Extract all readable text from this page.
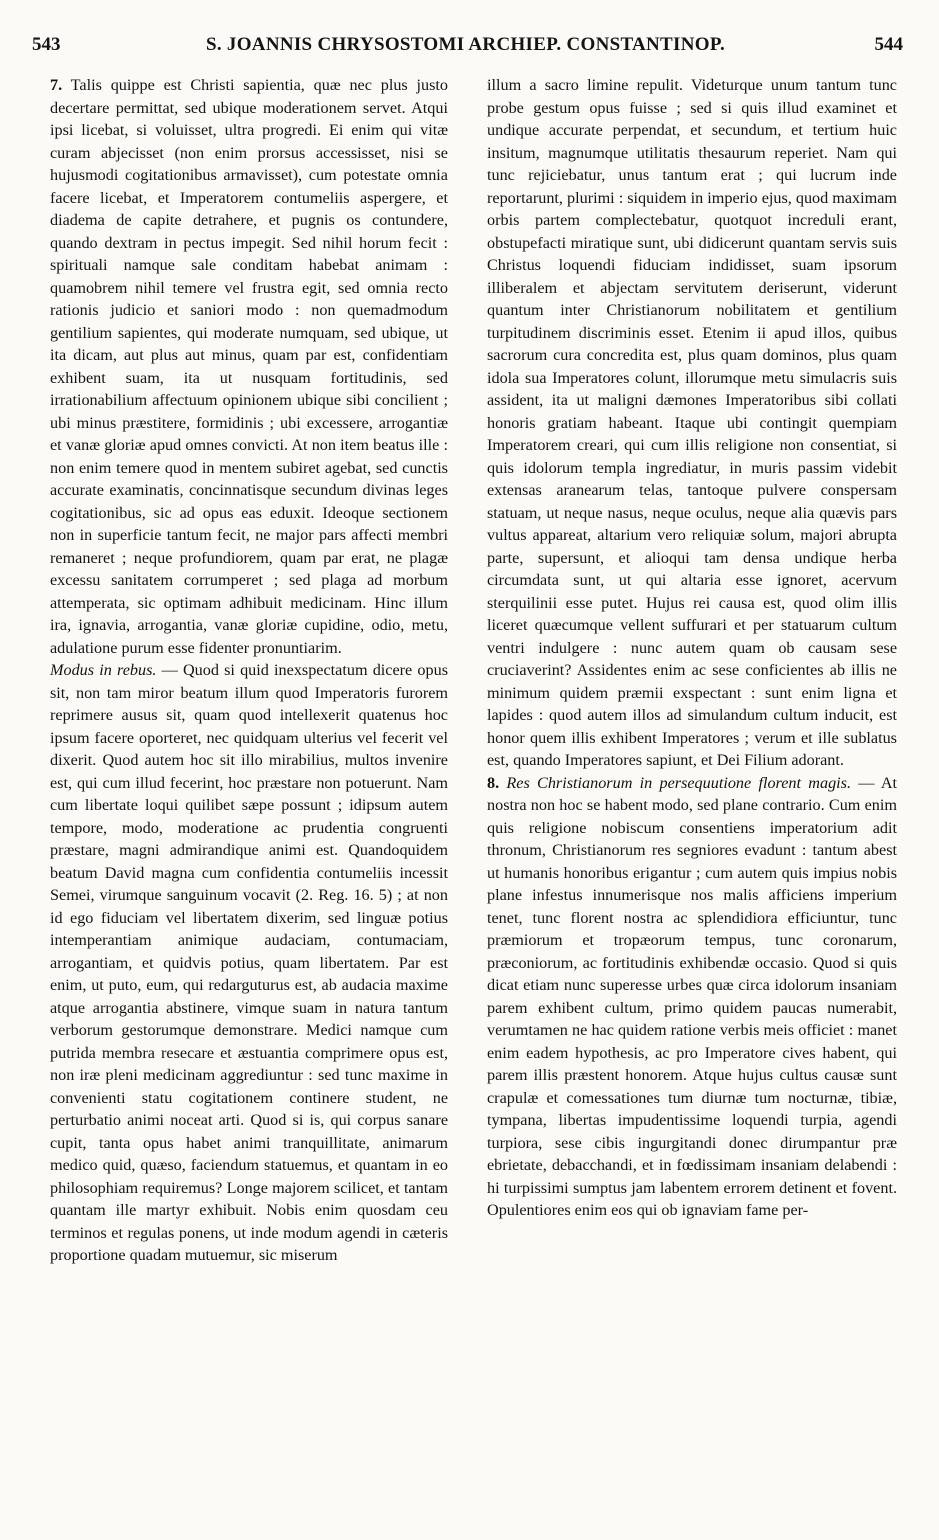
543	S. JOANNIS CHRYSOSTOMI ARCHIEP. CONSTANTINOP.	544

7. Talis quippe est Christi sapientia, quæ nec plus justo decertare permittat, sed ubique moderationem servet. Atqui ipsi licebat, si voluisset, ultra progredi. Ei enim qui vitæ curam abjecisset (non enim prorsus accessisset, nisi se hujusmodi cogitationibus armavisset), cum potestate omnia facere licebat, et Imperatorem contumeliis aspergere, et diadema de capite detrahere, et pugnis os contundere, quando dextram in pectus impegit. Sed nihil horum fecit : spirituali namque sale conditam habebat animam : quamobrem nihil temere vel frustra egit, sed omnia recto rationis judicio et saniori modo : non quemadmodum gentilium sapientes, qui moderate numquam, sed ubique, ut ita dicam, aut plus aut minus, quam par est, confidentiam exhibent suam, ita ut nusquam fortitudinis, sed irrationabilium affectuum opinionem ubique sibi concilient ; ubi minus præstitere, formidinis ; ubi excessere, arrogantiæ et vanæ gloriæ apud omnes convicti. At non item beatus ille : non enim temere quod in mentem subiret agebat, sed cunctis accurate examinatis, concinnatisque secundum divinas leges cogitationibus, sic ad opus eas eduxit. Ideoque sectionem non in superficie tantum fecit, ne major pars affecti membri remaneret ; neque profundiorem, quam par erat, ne plagæ excessu sanitatem corrumperet ; sed plaga ad morbum attemperata, sic optimam adhibuit medicinam. Hinc illum ira, ignavia, arrogantia, vanæ gloriæ cupidine, odio, metu, adulatione purum esse fidenter pronuntiarim.

Modus in rebus. — Quod si quid inexspectatum dicere opus sit, non tam miror beatum illum quod Imperatoris furorem reprimere ausus sit, quam quod intellexerit quatenus hoc ipsum facere oporteret, nec quidquam ulterius vel fecerit vel dixerit. Quod autem hoc sit illo mirabilius, multos invenire est, qui cum illud fecerint, hoc præstare non potuerunt. Nam cum libertate loqui quilibet sæpe possunt ; idipsum autem tempore, modo, moderatione ac prudentia congruenti præstare, magni admirandique animi est. Quandoquidem beatum David magna cum confidentia contumeliis incessit Semei, virumque sanguinum vocavit (2. Reg. 16. 5) ; at non id ego fiduciam vel libertatem dixerim, sed linguæ potius intemperantiam animique audaciam, contumaciam, arrogantiam, et quidvis potius, quam libertatem. Par est enim, ut puto, eum, qui redarguturus est, ab audacia maxime atque arrogantia abstinere, vimque suam in natura tantum verborum gestorumque demonstrare. Medici namque cum putrida membra resecare et æstuantia comprimere opus est, non iræ pleni medicinam aggrediuntur : sed tunc maxime in convenienti statu cogitationem continere student, ne perturbatio animi noceat arti. Quod si is, qui corpus sanare cupit, tanta opus habet animi tranquillitate, animarum medico quid, quæso, faciendum statuemus, et quantam in eo philosophiam requiremus? Longe majorem scilicet, et tantam quantam ille martyr exhibuit. Nobis enim quosdam ceu terminos et regulas ponens, ut inde modum agendi in cæteris proportione quadam mutuemur, sic miserum

illum a sacro limine repulit. Videturque unum tantum tunc probe gestum opus fuisse ; sed si quis illud examinet et undique accurate perpendat, et secundum, et tertium huic insitum, magnumque utilitatis thesaurum reperiet. Nam qui tunc rejiciebatur, unus tantum erat ; qui lucrum inde reportarunt, plurimi : siquidem in imperio ejus, quod maximam orbis partem complectebatur, quotquot increduli erant, obstupefacti miratique sunt, ubi didicerunt quantam servis suis Christus loquendi fiduciam indidisset, suam ipsorum illiberalem et abjectam servitutem deriserunt, viderunt quantum inter Christianorum nobilitatem et gentilium turpitudinem discriminis esset. Etenim ii apud illos, quibus sacrorum cura concredita est, plus quam dominos, plus quam idola sua Imperatores colunt, illorumque metu simulacris suis assident, ita ut maligni dæmones Imperatoribus sibi collati honoris gratiam habeant. Itaque ubi contingit quempiam Imperatorem creari, qui cum illis religione non consentiat, si quis idolorum templa ingrediatur, in muris passim videbit extensas aranearum telas, tantoque pulvere conspersam statuam, ut neque nasus, neque oculus, neque alia quævis pars vultus appareat, altarium vero reliquiæ solum, majori abrupta parte, supersunt, et alioqui tam densa undique herba circumdata sunt, ut qui altaria esse ignoret, acervum sterquilinii esse putet. Hujus rei causa est, quod olim illis liceret quæcumque vellent suffurari et per statuarum cultum ventri indulgere : nunc autem quam ob causam sese cruciaverint? Assidentes enim ac sese conficientes ab illis ne minimum quidem præmii exspectant : sunt enim ligna et lapides : quod autem illos ad simulandum cultum inducit, est honor quem illis exhibent Imperatores ; verum et ille sublatus est, quando Imperatores sapiunt, et Dei Filium adorant.

8. Res Christianorum in persequutione florent magis. — At nostra non hoc se habent modo, sed plane contrario. Cum enim quis religione nobiscum consentiens imperatorium adit thronum, Christianorum res segniores evadunt : tantum abest ut humanis honoribus erigantur ; cum autem quis impius nobis plane infestus innumerisque nos malis afficiens imperium tenet, tunc florent nostra ac splendidiora efficiuntur, tunc præmiorum et tropæorum tempus, tunc coronarum, præconiorum, ac fortitudinis exhibendæ occasio. Quod si quis dicat etiam nunc superesse urbes quæ circa idolorum insaniam parem exhibent cultum, primo quidem paucas numerabit, verumtamen ne hac quidem ratione verbis meis officiet : manet enim eadem hypothesis, ac pro Imperatore cives habent, qui parem illis præstent honorem. Atque hujus cultus causæ sunt crapulæ et comessationes tum diurnæ tum nocturnæ, tibiæ, tympana, libertas impudentissime loquendi turpia, agendi turpiora, sese cibis ingurgitandi donec dirumpantur præ ebrietate, debacchandi, et in fœdissimam insaniam delabendi : hi turpissimi sumptus jam labentem errorem detinent et fovent. Opulentiores enim eos qui ob ignaviam fame per-
